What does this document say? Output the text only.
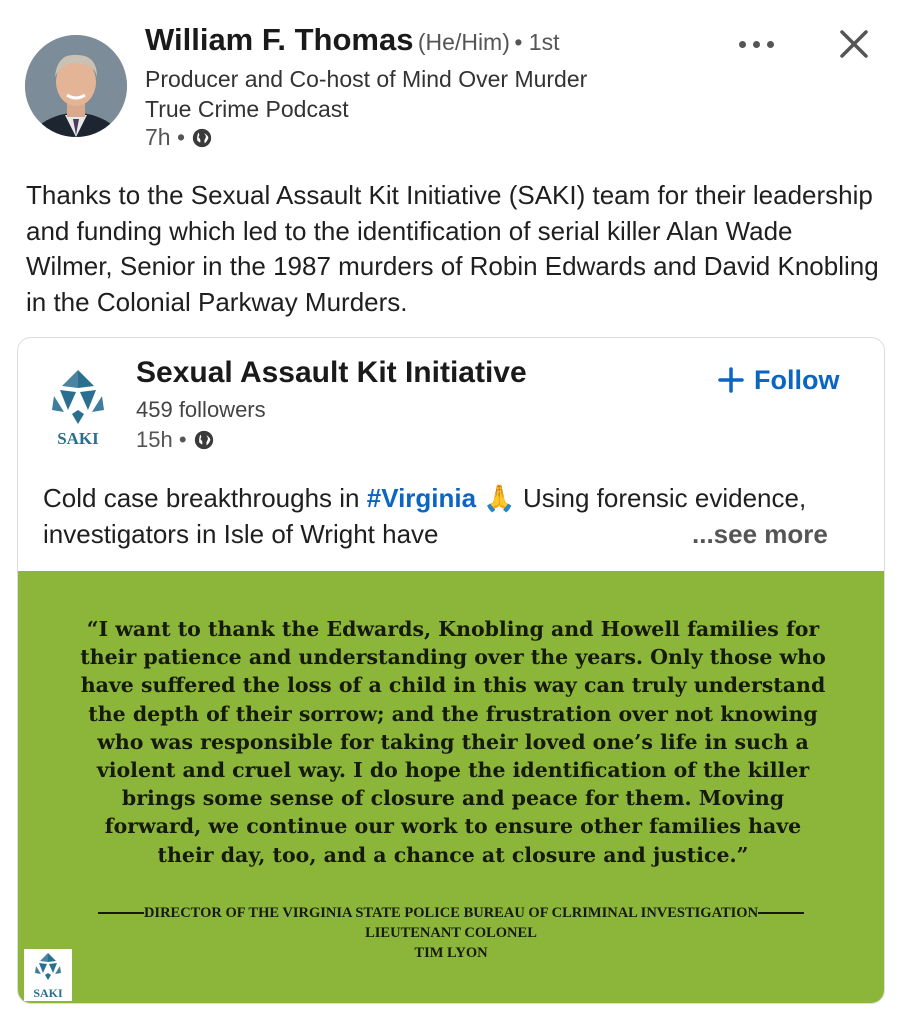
William F. Thomas (He/Him) • 1st
Producer and Co-host of Mind Over Murder
True Crime Podcast
7h •
Thanks to the Sexual Assault Kit Initiative (SAKI) team for their leadership and funding which led to the identification of serial killer Alan Wade Wilmer, Senior in the 1987 murders of Robin Edwards and David Knobling in the Colonial Parkway Murders.
SAKI
Sexual Assault Kit Initiative
459 followers
15h •
Follow
Cold case breakthroughs in #Virginia 🙏 Using forensic evidence, investigators in Isle of Wright have	...see more
“I want to thank the Edwards, Knobling and Howell families for their patience and understanding over the years. Only those who have suffered the loss of a child in this way can truly understand the depth of their sorrow; and the frustration over not knowing who was responsible for taking their loved one’s life in such a violent and cruel way. I do hope the identification of the killer brings some sense of closure and peace for them. Moving forward, we continue our work to ensure other families have their day, too, and a chance at closure and justice.”
DIRECTOR OF THE VIRGINIA STATE POLICE BUREAU OF CLRIMINAL INVESTIGATION
LIEUTENANT COLONEL
TIM LYON
SAKI
